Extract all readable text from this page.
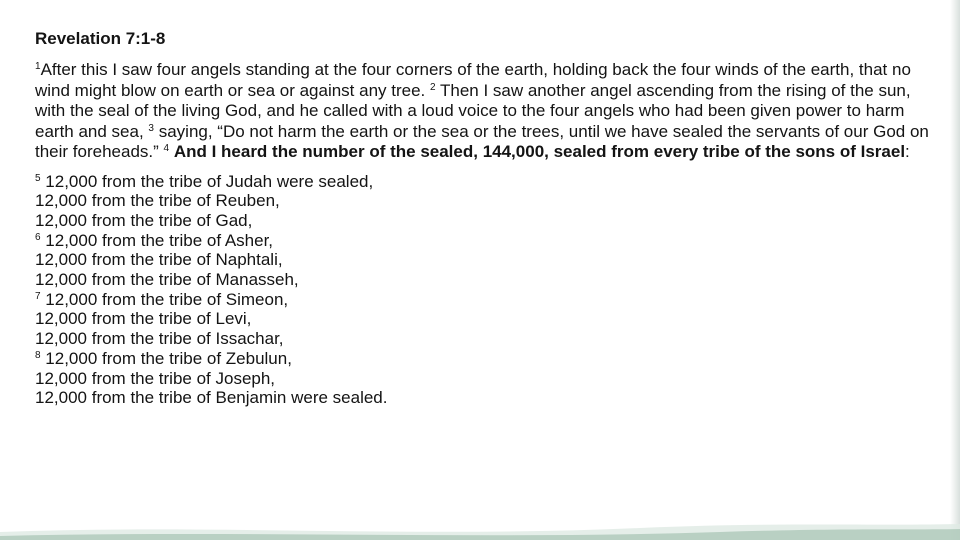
Revelation 7:1-8

$^1$After this I saw four angels standing at the four corners of the earth, holding back the four winds of the earth, that no wind might blow on earth or sea or against any tree. $^2$ Then I saw another angel ascending from the rising of the sun, with the seal of the living God, and he called with a loud voice to the four angels who had been given power to harm earth and sea, $^3$ saying, “Do not harm the earth or the sea or the trees, until we have sealed the servants of our God on their foreheads.” $^4$ And I heard the number of the sealed, 144,000, sealed from every tribe of the sons of Israel:

$^5$ 12,000 from the tribe of Judah were sealed,
12,000 from the tribe of Reuben,
12,000 from the tribe of Gad,
$^6$ 12,000 from the tribe of Asher,
12,000 from the tribe of Naphtali,
12,000 from the tribe of Manasseh,
$^7$ 12,000 from the tribe of Simeon,
12,000 from the tribe of Levi,
12,000 from the tribe of Issachar,
$^8$ 12,000 from the tribe of Zebulun,
12,000 from the tribe of Joseph,
12,000 from the tribe of Benjamin were sealed.
